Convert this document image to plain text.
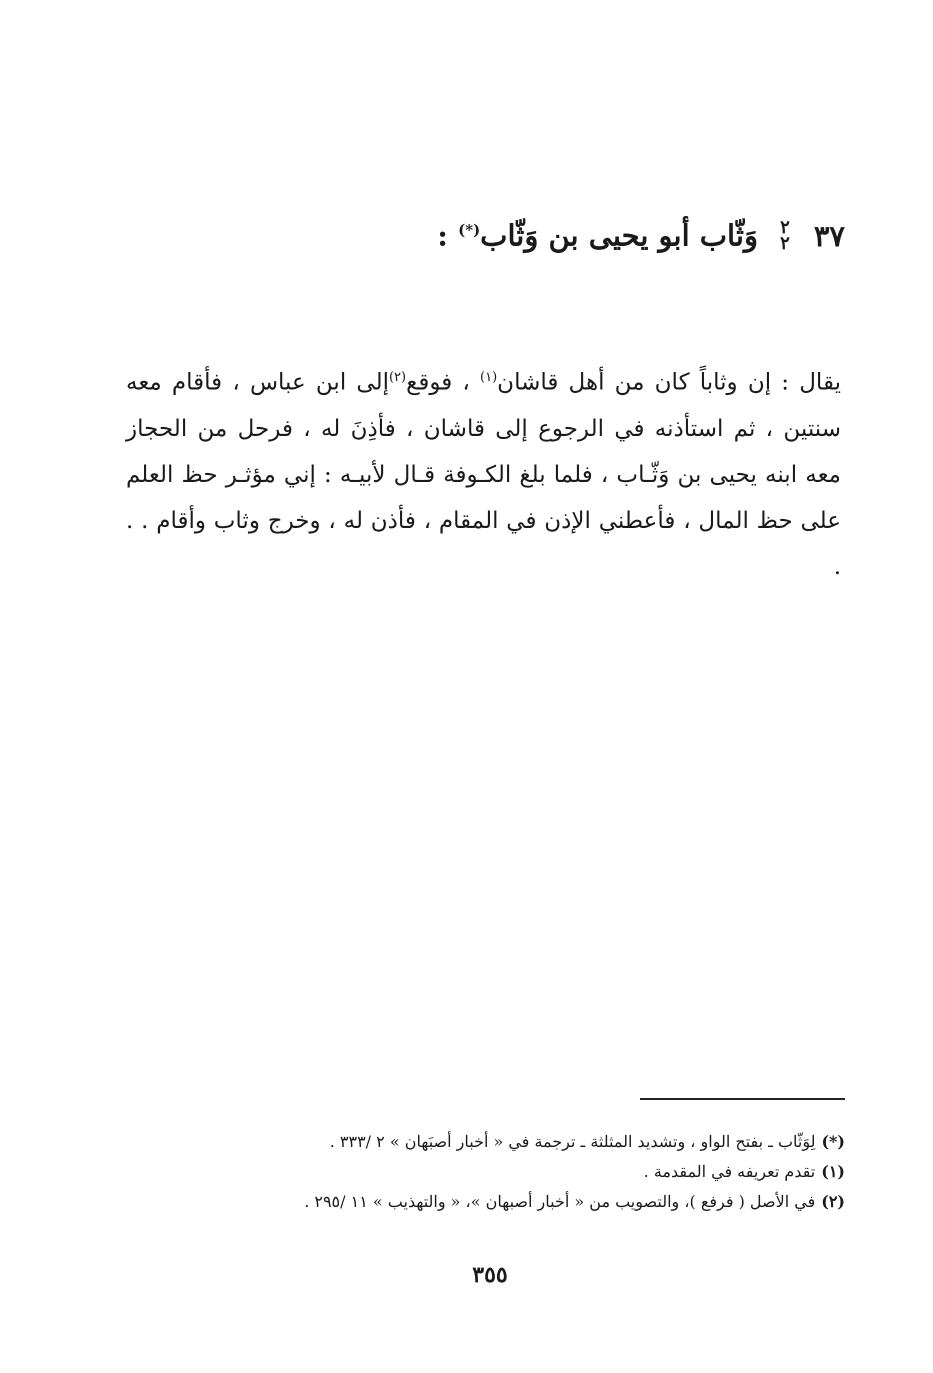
٣٧
٢
٢
وَثّاب أبو يحيى بن وَثّاب(*) :
يقال : إن وثاباً كان من أهل قاشان$^{(١)}$ ، فوقع$^{(٢)}$إلى ابن عباس ، فأقام معه سنتين ، ثم استأذنه في الرجوع إلى قاشان ، فأذِنَ له ، فرحل من الحجاز معه ابنه يحيى بن وَثّـاب ، فلما بلغ الكـوفة قـال لأبيـه : إني مؤثـر حظ العلم على حظ المال ، فأعطني الإذن في المقام ، فأذن له ، وخرج وثاب وأقام . . .
(*)لِوَثّاب ـ بفتح الواو ، وتشديد المثلثة ـ ترجمة في « أخبار أصبَهان » ٢ /٣٣٣ .
(١)تقدم تعريفه في المقدمة .
(٢)في الأصل ( فرفع )، والتصويب من « أخبار أصبهان »، « والتهذيب » ١١ /٢٩٥ .
٣٥٥
